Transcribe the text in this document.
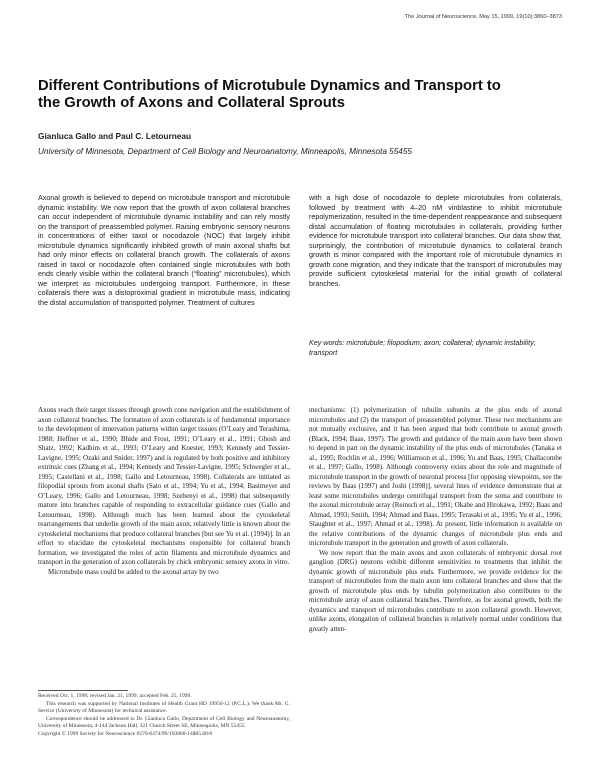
The Journal of Neuroscience, May 15, 1999, 19(10):3860–3873
Different Contributions of Microtubule Dynamics and Transport to
the Growth of Axons and Collateral Sprouts
Gianluca Gallo and Paul C. Letourneau
University of Minnesota, Department of Cell Biology and Neuroanatomy, Minneapolis, Minnesota 55455

Axonal growth is believed to depend on microtubule transport and microtubule dynamic instability. We now report that the growth of axon collateral branches can occur independent of microtubule dynamic instability and can rely mostly on the transport of preassembled polymer. Raising embryonic sensory neurons in concentrations of either taxol or nocodazole (NOC) that largely inhibit microtubule dynamics significantly inhibited growth of main axonal shafts but had only minor effects on collateral branch growth. The collaterals of axons raised in taxol or nocodazole often contained single microtubules with both ends clearly visible within the collateral branch (“floating” microtubules), which we interpret as microtubules undergoing transport. Furthermore, in these collaterals there was a distoproximal gradient in microtubule mass, indicating the distal accumulation of transported polymer. Treatment of cultures

with a high dose of nocodazole to deplete microtubules from collaterals, followed by treatment with 4–20 nM vinblastine to inhibit microtubule repolymerization, resulted in the time-dependent reappearance and subsequent distal accumulation of floating microtubules in collaterals, providing further evidence for microtubule transport into collateral branches. Our data show that, surprisingly, the contribution of microtubule dynamics to collateral branch growth is minor compared with the important role of microtubule dynamics in growth cone migration, and they indicate that the transport of microtubules may provide sufficient cytoskeletal material for the initial growth of collateral branches.

Key words: microtubule; filopodium; axon; collateral; dynamic instability; transport

Axons reach their target tissues through growth cone navigation and the establishment of axon collateral branches. The formation of axon collaterals is of fundamental importance to the development of innervation patterns within target tissues (O’Leary and Terashima, 1988; Heffner et al., 1990; Bhide and Frost, 1991; O’Leary et al., 1991; Ghosh and Shatz, 1992; Kadhim et al., 1993; O’Leary and Koester, 1993; Kennedy and Tessier-Lavigne, 1995; Ozaki and Snider, 1997) and is regulated by both positive and inhibitory extrinsic cues (Zhang et al., 1994; Kennedy and Tessier-Lavigne, 1995; Schwegler et al., 1995; Castellani et al., 1998; Gallo and Letourneau, 1998). Collaterals are initiated as filopodial sprouts from axonal shafts (Sato et al., 1994; Yu et al., 1994; Bastmeyer and O’Leary, 1996; Gallo and Letourneau, 1998; Szebenyi et al., 1998) that subsequently mature into branches capable of responding to extracellular guidance cues (Gallo and Letourneau, 1998). Although much has been learned about the cytoskeletal rearrangements that underlie growth of the main axon, relatively little is known about the cytoskeletal mechanisms that produce collateral branches [but see Yu et al. (1994)]. In an effort to elucidate the cytoskeletal mechanisms responsible for collateral branch formation, we investigated the roles of actin filaments and microtubule dynamics and transport in the generation of axon collaterals by chick embryonic sensory axons in vitro.

Microtubule mass could be added to the axonal array by two

mechanisms: (1) polymerization of tubulin subunits at the plus ends of axonal microtubules and (2) the transport of preassembled polymer. These two mechanisms are not mutually exclusive, and it has been argued that both contribute to axonal growth (Black, 1994; Baas, 1997). The growth and guidance of the main axon have been shown to depend in part on the dynamic instability of the plus ends of microtubules (Tanaka et al., 1995; Rochlin et al., 1996; Williamson et al., 1996; Yu and Baas, 1995; Challacombe et al., 1997; Gallo, 1998). Although controversy exists about the role and magnitude of microtubule transport in the growth of neuronal process [for opposing viewpoints, see the reviews by Baas (1997) and Joshi (1998)], several lines of evidence demonstrate that at least some microtubules undergo centrifugal transport from the soma and contribute to the axonal microtubule array (Reinsch et al., 1991; Okabe and Hirokawa, 1992; Baas and Ahmad, 1993; Smith, 1994; Ahmad and Baas, 1995; Terasaki et al., 1995; Yu et al., 1996; Slaughter et al., 1997; Ahmad et al., 1998). At present, little information is available on the relative contributions of the dynamic changes of microtubule plus ends and microtubule transport in the generation and growth of axon collaterals.

We now report that the main axons and axon collaterals of embryonic dorsal root ganglion (DRG) neurons exhibit different sensitivities to treatments that inhibit the dynamic growth of microtubule plus ends. Furthermore, we provide evidence for the transport of microtubules from the main axon into collateral branches and show that the growth of microtubule plus ends by tubulin polymerization also contributes to the microtubule array of axon collateral branches. Therefore, as for axonal growth, both the dynamics and transport of microtubules contribute to axon collateral growth. However, unlike axons, elongation of collateral branches is relatively normal under conditions that greatly atten-

Received Oct. 1, 1998; revised Jan. 21, 1999; accepted Feb. 25, 1999.

This research was supported by National Institutes of Health Grant HD 19950-12 (P.C.L.). We thank Mr. G. Service (University of Minnesota) for technical assistance.

Correspondence should be addressed to Dr. Gianluca Gallo, Department of Cell Biology and Neuroanatomy, University of Minnesota, 4-144 Jackson Hall, 321 Church Street SE, Minneapolis, MN 55455.

Copyright © 1999 Society for Neuroscience 0270-6474/99/193860-14$05.00/0
